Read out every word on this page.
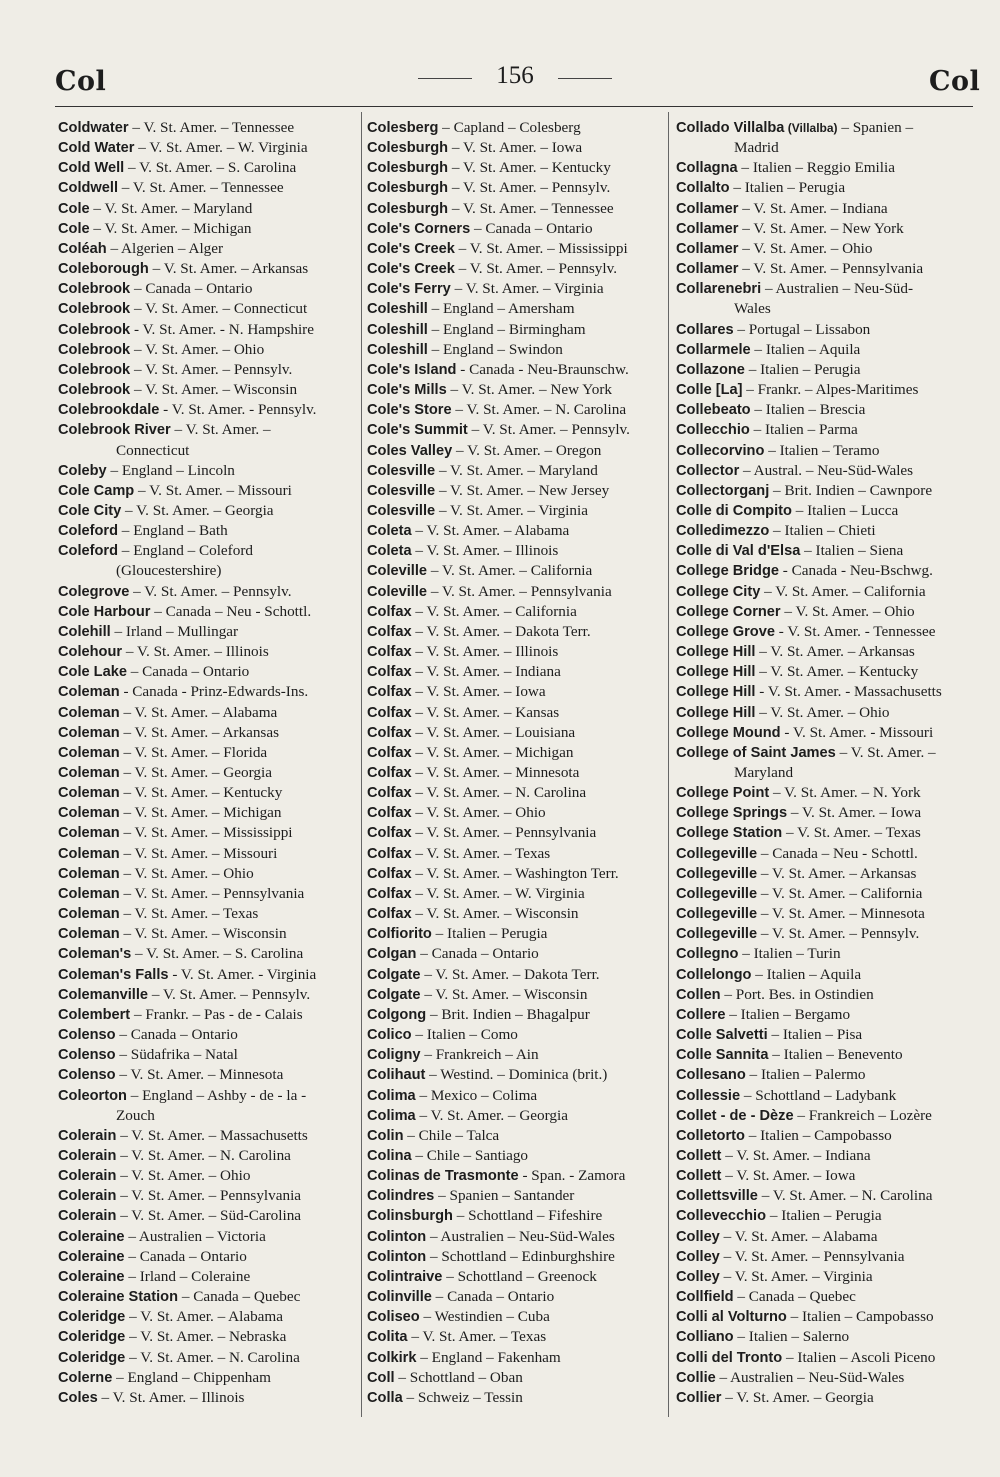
Col	156	Col
Coldwater – V. St. Amer. – Tennessee
Cold Water – V. St. Amer. – W. Virginia
Cold Well – V. St. Amer. – S. Carolina
Coldwell – V. St. Amer. – Tennessee
Cole – V. St. Amer. – Maryland
Cole – V. St. Amer. – Michigan
Coléah – Algerien – Alger
Coleborough – V. St. Amer. – Arkansas
Colebrook – Canada – Ontario
Colebrook – V. St. Amer. – Connecticut
Colebrook - V. St. Amer. - N. Hampshire
Colebrook – V. St. Amer. – Ohio
Colebrook – V. St. Amer. – Pennsylv.
Colebrook – V. St. Amer. – Wisconsin
Colebrookdale - V. St. Amer. - Pennsylv.
Colebrook River – V. St. Amer. –
Connecticut
Coleby – England – Lincoln
Cole Camp – V. St. Amer. – Missouri
Cole City – V. St. Amer. – Georgia
Coleford – England – Bath
Coleford – England – Coleford
(Gloucestershire)
Colegrove – V. St. Amer. – Pennsylv.
Cole Harbour – Canada – Neu - Schottl.
Colehill – Irland – Mullingar
Colehour – V. St. Amer. – Illinois
Cole Lake – Canada – Ontario
Coleman - Canada - Prinz-Edwards-Ins.
Coleman – V. St. Amer. – Alabama
Coleman – V. St. Amer. – Arkansas
Coleman – V. St. Amer. – Florida
Coleman – V. St. Amer. – Georgia
Coleman – V. St. Amer. – Kentucky
Coleman – V. St. Amer. – Michigan
Coleman – V. St. Amer. – Mississippi
Coleman – V. St. Amer. – Missouri
Coleman – V. St. Amer. – Ohio
Coleman – V. St. Amer. – Pennsylvania
Coleman – V. St. Amer. – Texas
Coleman – V. St. Amer. – Wisconsin
Coleman's – V. St. Amer. – S. Carolina
Coleman's Falls - V. St. Amer. - Virginia
Colemanville – V. St. Amer. – Pennsylv.
Colembert – Frankr. – Pas - de - Calais
Colenso – Canada – Ontario
Colenso – Südafrika – Natal
Colenso – V. St. Amer. – Minnesota
Coleorton – England – Ashby - de - la -
Zouch
Colerain – V. St. Amer. – Massachusetts
Colerain – V. St. Amer. – N. Carolina
Colerain – V. St. Amer. – Ohio
Colerain – V. St. Amer. – Pennsylvania
Colerain – V. St. Amer. – Süd-Carolina
Coleraine – Australien – Victoria
Coleraine – Canada – Ontario
Coleraine – Irland – Coleraine
Coleraine Station – Canada – Quebec
Coleridge – V. St. Amer. – Alabama
Coleridge – V. St. Amer. – Nebraska
Coleridge – V. St. Amer. – N. Carolina
Colerne – England – Chippenham
Coles – V. St. Amer. – Illinois
Colesberg – Capland – Colesberg
Colesburgh – V. St. Amer. – Iowa
Colesburgh – V. St. Amer. – Kentucky
Colesburgh – V. St. Amer. – Pennsylv.
Colesburgh – V. St. Amer. – Tennessee
Cole's Corners – Canada – Ontario
Cole's Creek – V. St. Amer. – Mississippi
Cole's Creek – V. St. Amer. – Pennsylv.
Cole's Ferry – V. St. Amer. – Virginia
Coleshill – England – Amersham
Coleshill – England – Birmingham
Coleshill – England – Swindon
Cole's Island - Canada - Neu-Braunschw.
Cole's Mills – V. St. Amer. – New York
Cole's Store – V. St. Amer. – N. Carolina
Cole's Summit – V. St. Amer. – Pennsylv.
Coles Valley – V. St. Amer. – Oregon
Colesville – V. St. Amer. – Maryland
Colesville – V. St. Amer. – New Jersey
Colesville – V. St. Amer. – Virginia
Coleta – V. St. Amer. – Alabama
Coleta – V. St. Amer. – Illinois
Coleville – V. St. Amer. – California
Coleville – V. St. Amer. – Pennsylvania
Colfax – V. St. Amer. – California
Colfax – V. St. Amer. – Dakota Terr.
Colfax – V. St. Amer. – Illinois
Colfax – V. St. Amer. – Indiana
Colfax – V. St. Amer. – Iowa
Colfax – V. St. Amer. – Kansas
Colfax – V. St. Amer. – Louisiana
Colfax – V. St. Amer. – Michigan
Colfax – V. St. Amer. – Minnesota
Colfax – V. St. Amer. – N. Carolina
Colfax – V. St. Amer. – Ohio
Colfax – V. St. Amer. – Pennsylvania
Colfax – V. St. Amer. – Texas
Colfax – V. St. Amer. – Washington Terr.
Colfax – V. St. Amer. – W. Virginia
Colfax – V. St. Amer. – Wisconsin
Colfiorito – Italien – Perugia
Colgan – Canada – Ontario
Colgate – V. St. Amer. – Dakota Terr.
Colgate – V. St. Amer. – Wisconsin
Colgong – Brit. Indien – Bhagalpur
Colico – Italien – Como
Coligny – Frankreich – Ain
Colihaut – Westind. – Dominica (brit.)
Colima – Mexico – Colima
Colima – V. St. Amer. – Georgia
Colin – Chile – Talca
Colina – Chile – Santiago
Colinas de Trasmonte - Span. - Zamora
Colindres – Spanien – Santander
Colinsburgh – Schottland – Fifeshire
Colinton – Australien – Neu-Süd-Wales
Colinton – Schottland – Edinburghshire
Colintraive – Schottland – Greenock
Colinville – Canada – Ontario
Coliseo – Westindien – Cuba
Colita – V. St. Amer. – Texas
Colkirk – England – Fakenham
Coll – Schottland – Oban
Colla – Schweiz – Tessin
Collado Villalba (Villalba) – Spanien –
Madrid
Collagna – Italien – Reggio Emilia
Collalto – Italien – Perugia
Collamer – V. St. Amer. – Indiana
Collamer – V. St. Amer. – New York
Collamer – V. St. Amer. – Ohio
Collamer – V. St. Amer. – Pennsylvania
Collarenebri – Australien – Neu-Süd-
Wales
Collares – Portugal – Lissabon
Collarmele – Italien – Aquila
Collazone – Italien – Perugia
Colle [La] – Frankr. – Alpes-Maritimes
Collebeato – Italien – Brescia
Collecchio – Italien – Parma
Collecorvino – Italien – Teramo
Collector – Austral. – Neu-Süd-Wales
Collectorganj – Brit. Indien – Cawnpore
Colle di Compito – Italien – Lucca
Colledimezzo – Italien – Chieti
Colle di Val d'Elsa – Italien – Siena
College Bridge - Canada - Neu-Bschwg.
College City – V. St. Amer. – California
College Corner – V. St. Amer. – Ohio
College Grove - V. St. Amer. - Tennessee
College Hill – V. St. Amer. – Arkansas
College Hill – V. St. Amer. – Kentucky
College Hill - V. St. Amer. - Massachusetts
College Hill – V. St. Amer. – Ohio
College Mound - V. St. Amer. - Missouri
College of Saint James – V. St. Amer. –
Maryland
College Point – V. St. Amer. – N. York
College Springs – V. St. Amer. – Iowa
College Station – V. St. Amer. – Texas
Collegeville – Canada – Neu - Schottl.
Collegeville – V. St. Amer. – Arkansas
Collegeville – V. St. Amer. – California
Collegeville – V. St. Amer. – Minnesota
Collegeville – V. St. Amer. – Pennsylv.
Collegno – Italien – Turin
Collelongo – Italien – Aquila
Collen – Port. Bes. in Ostindien
Collere – Italien – Bergamo
Colle Salvetti – Italien – Pisa
Colle Sannita – Italien – Benevento
Collesano – Italien – Palermo
Collessie – Schottland – Ladybank
Collet - de - Dèze – Frankreich – Lozère
Colletorto – Italien – Campobasso
Collett – V. St. Amer. – Indiana
Collett – V. St. Amer. – Iowa
Collettsville – V. St. Amer. – N. Carolina
Collevecchio – Italien – Perugia
Colley – V. St. Amer. – Alabama
Colley – V. St. Amer. – Pennsylvania
Colley – V. St. Amer. – Virginia
Collfield – Canada – Quebec
Colli al Volturno – Italien – Campobasso
Colliano – Italien – Salerno
Colli del Tronto – Italien – Ascoli Piceno
Collie – Australien – Neu-Süd-Wales
Collier – V. St. Amer. – Georgia
